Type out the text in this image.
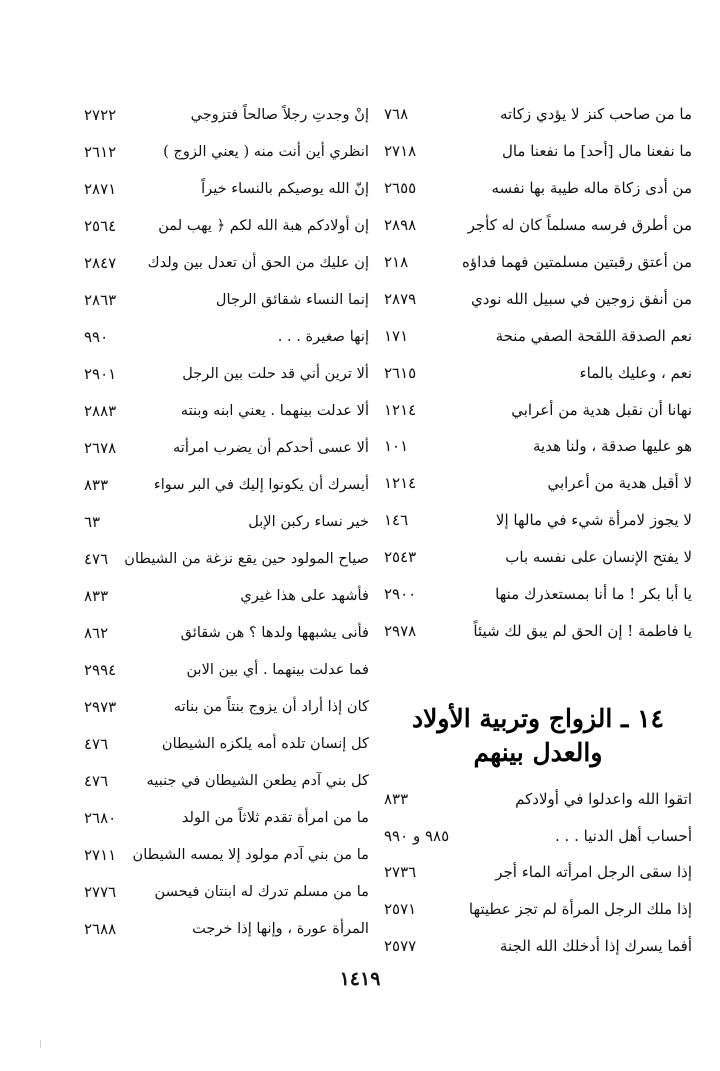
ما من صاحب كنز لا يؤدي زكاته
٧٦٨
ما نفعنا مال [أحد] ما نفعنا مال
٢٧١٨
من أدى زكاة ماله طيبة بها نفسه
٢٦٥٥
من أطرق فرسه مسلماً كان له كأجر
٢٨٩٨
من أعتق رقبتين مسلمتين فهما فداؤه
٢١٨
من أنفق زوجين في سبيل الله نودي
٢٨٧٩
نعم الصدقة اللقحة الصفي منحة
١٧١
نعم ، وعليك بالماء
٢٦١٥
نهانا أن نقبل هدية من أعرابي
١٢١٤
هو عليها صدقة ، ولنا هدية
١٠١
لا أقبل هدية من أعرابي
١٢١٤
لا يجوز لامرأة شيء في مالها إلا
١٤٦
لا يفتح الإنسان على نفسه باب
٢٥٤٣
يا أبا بكر ! ما أنا بمستعذرك منها
٢٩٠٠
يا فاطمة ! إن الحق لم يبق لك شيئاً
٢٩٧٨
١٤ ـ الزواج وتربية الأولاد
والعدل بينهم
اتقوا الله واعدلوا في أولادكم
٨٣٣
أحساب أهل الدنيا . . .
٩٨٥ و ٩٩٠
إذا سقى الرجل امرأته الماء أجر
٢٧٣٦
إذا ملك الرجل المرأة لم تجز عطيتها
٢٥٧١
أفما يسرك إذا أدخلك الله الجنة
٢٥٧٧
إنْ وجدتِ رجلاً صالحاً فتزوجي
٢٧٢٢
انظري أين أنت منه ( يعني الزوج )
٢٦١٢
إنّ الله يوصيكم بالنساء خيراً
٢٨٧١
إن أولادكم هبة الله لكم ﴿ يهب لمن
٢٥٦٤
إن عليك من الحق أن تعدل بين ولدك
٢٨٤٧
إنما النساء شقائق الرجال
٢٨٦٣
إنها صغيرة . . .
٩٩٠
ألا ترين أني قد حلت بين الرجل
٢٩٠١
ألا عدلت بينهما . يعني ابنه وبنته
٢٨٨٣
ألا عسى أحدكم أن يضرب امرأته
٢٦٧٨
أيسرك أن يكونوا إليك في البر سواء
٨٣٣
خير نساء ركبن الإبل
٦٣
صياح المولود حين يقع نزغة من الشيطان
٤٧٦
فأشهد على هذا غيري
٨٣٣
فأنى يشبهها ولدها ؟ هن شقائق
٨٦٢
فما عدلت بينهما . أي بين الابن
٢٩٩٤
كان إذا أراد أن يزوج بنتاً من بناته
٢٩٧٣
كل إنسان تلده أمه يلكزه الشيطان
٤٧٦
كل بني آدم يطعن الشيطان في جنبيه
٤٧٦
ما من امرأة تقدم ثلاثاً من الولد
٢٦٨٠
ما من بني آدم مولود إلا يمسه الشيطان
٢٧١١
ما من مسلم تدرك له ابنتان فيحسن
٢٧٧٦
المرأة عورة ، وإنها إذا خرجت
٢٦٨٨
١٤١٩
